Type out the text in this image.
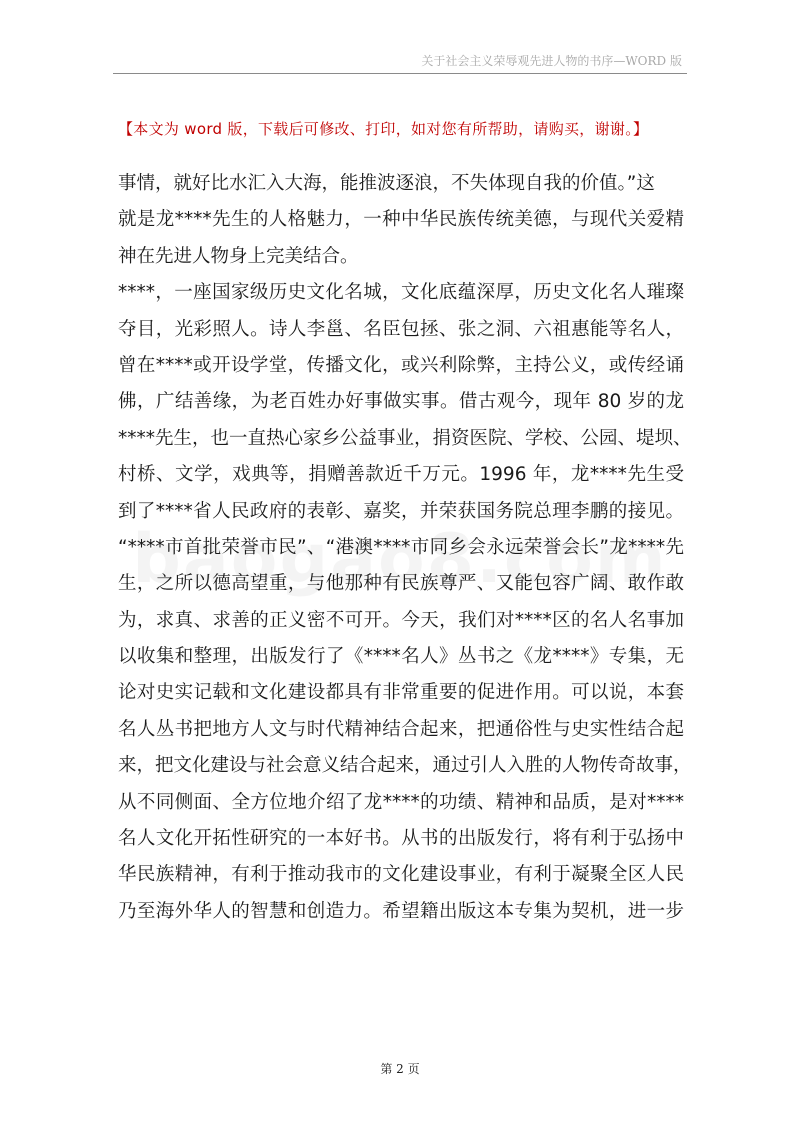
关于社会主义荣辱观先进人物的书序—WORD 版
【本文为 word 版，下载后可修改、打印，如对您有所帮助，请购买，谢谢。】
事情，就好比水汇入大海，能推波逐浪，不失体现自我的价值。”这
就是龙****先生的人格魅力，一种中华民族传统美德，与现代关爱精
神在先进人物身上完美结合。
****，一座国家级历史文化名城，文化底蕴深厚，历史文化名人璀璨
夺目，光彩照人。诗人李邕、名臣包拯、张之洞、六祖惠能等名人，
曾在****或开设学堂，传播文化，或兴利除弊，主持公义，或传经诵
佛，广结善缘，为老百姓办好事做实事。借古观今，现年 80 岁的龙
****先生，也一直热心家乡公益事业，捐资医院、学校、公园、堤坝、
村桥、文学，戏典等，捐赠善款近千万元。1996 年，龙****先生受
到了****省人民政府的表彰、嘉奖，并荣获国务院总理李鹏的接见。
“****市首批荣誉市民”、“港澳****市同乡会永远荣誉会长”龙****先
生，之所以德高望重，与他那种有民族尊严、又能包容广阔、敢作敢
为，求真、求善的正义密不可开。今天，我们对****区的名人名事加
以收集和整理，出版发行了《****名人》丛书之《龙****》专集，无
论对史实记载和文化建设都具有非常重要的促进作用。可以说，本套
名人丛书把地方人文与时代精神结合起来，把通俗性与史实性结合起
来，把文化建设与社会意义结合起来，通过引人入胜的人物传奇故事，
从不同侧面、全方位地介绍了龙****的功绩、精神和品质，是对****
名人文化开拓性研究的一本好书。从书的出版发行，将有利于弘扬中
华民族精神，有利于推动我市的文化建设事业，有利于凝聚全区人民
乃至海外华人的智慧和创造力。希望籍出版这本专集为契机，进一步
第 2 页
